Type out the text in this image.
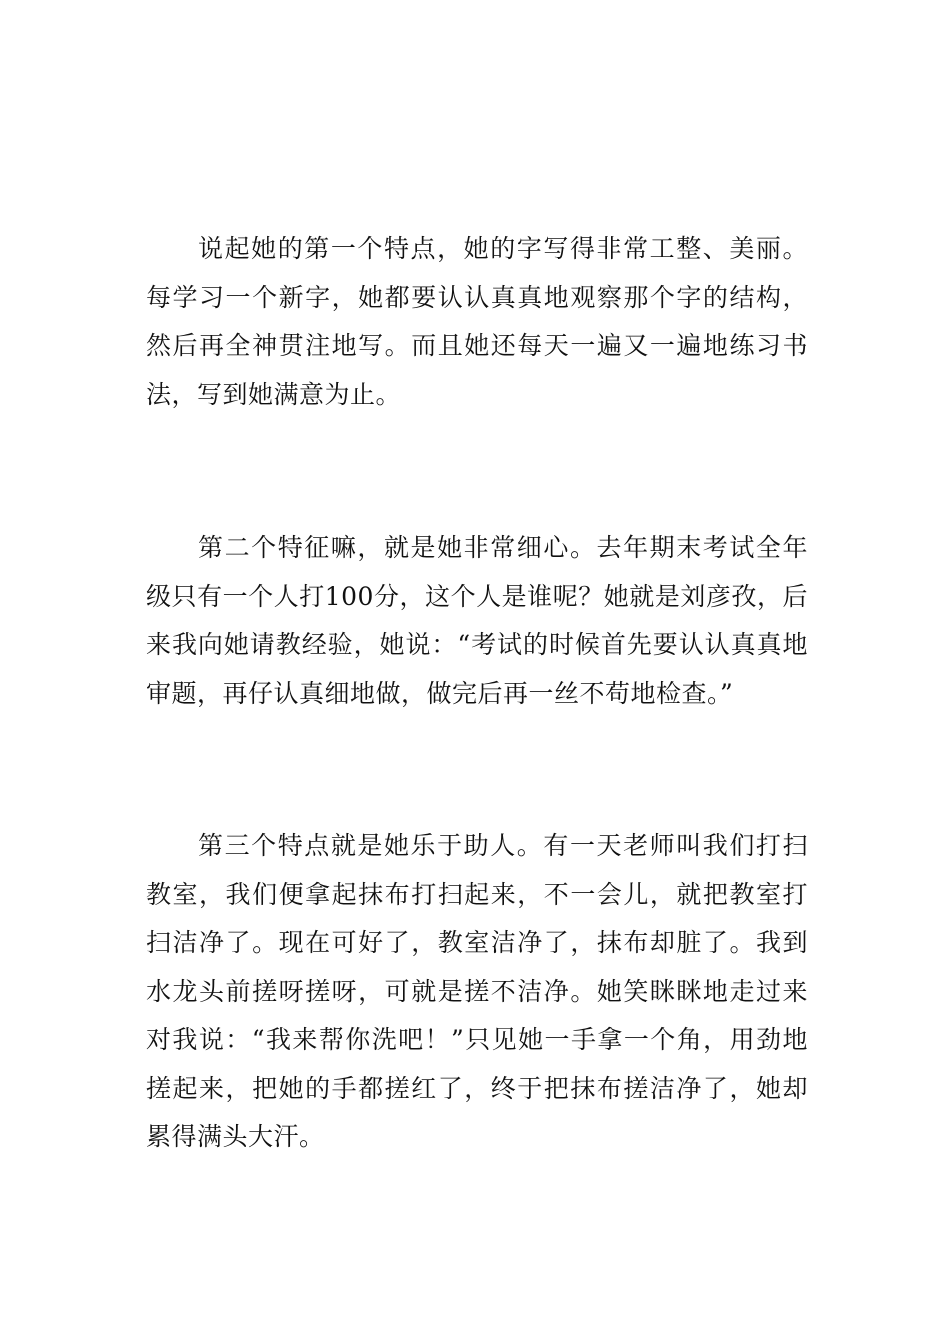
说起她的第一个特点，她的字写得非常工整、美丽。每学习一个新字，她都要认认真真地观察那个字的结构，然后再全神贯注地写。而且她还每天一遍又一遍地练习书法，写到她满意为止。

第二个特征嘛，就是她非常细心。去年期末考试全年级只有一个人打100分，这个人是谁呢？她就是刘彦孜，后来我向她请教经验，她说：“考试的时候首先要认认真真地审题，再仔认真细地做，做完后再一丝不苟地检查。”

第三个特点就是她乐于助人。有一天老师叫我们打扫教室，我们便拿起抹布打扫起来，不一会儿，就把教室打扫洁净了。现在可好了，教室洁净了，抹布却脏了。我到水龙头前搓呀搓呀，可就是搓不洁净。她笑眯眯地走过来对我说：“我来帮你洗吧！”只见她一手拿一个角，用劲地搓起来，把她的手都搓红了，终于把抹布搓洁净了，她却累得满头大汗。
